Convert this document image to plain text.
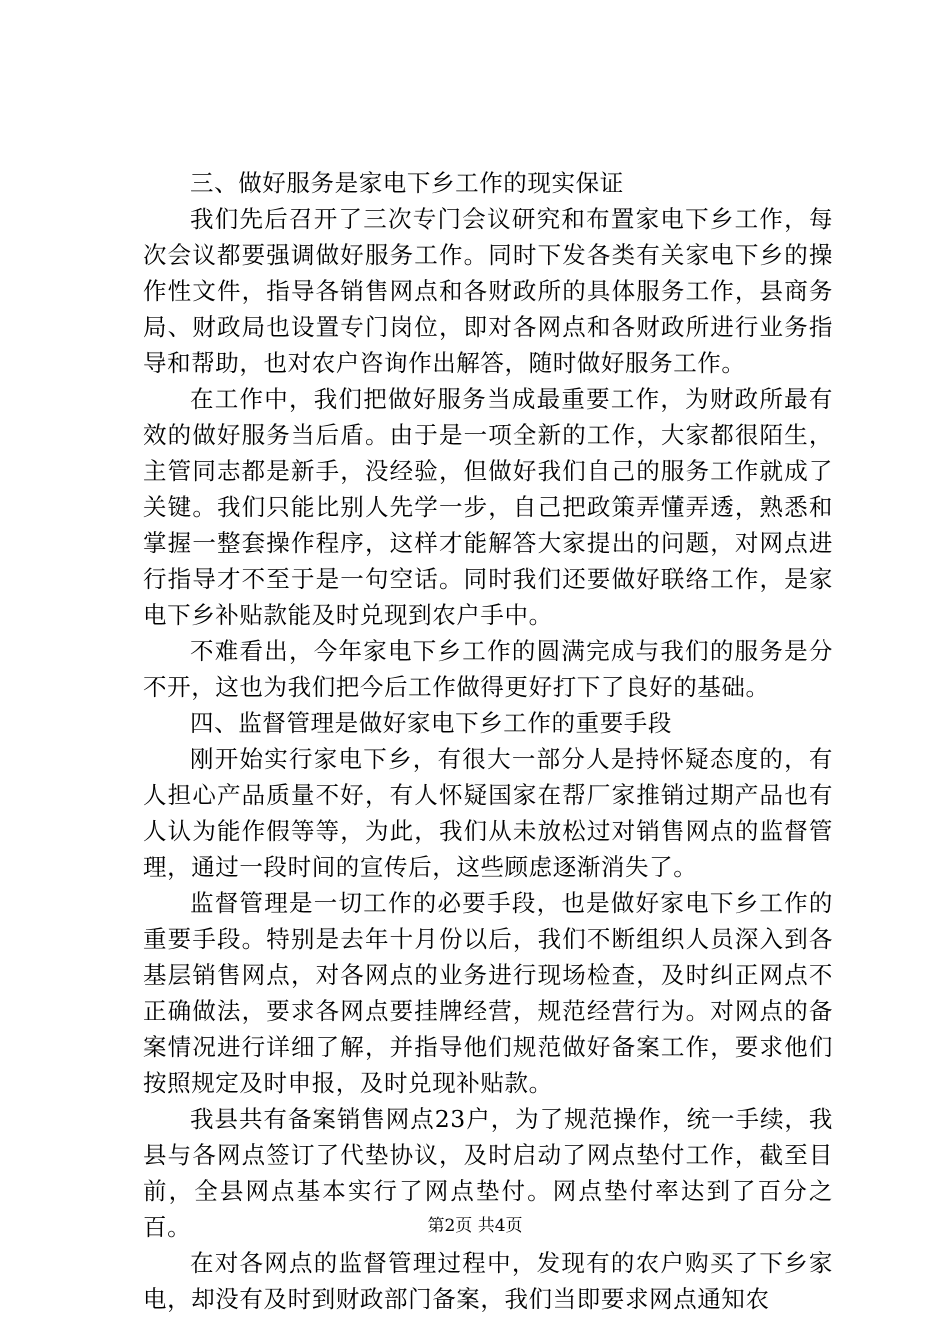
三、做好服务是家电下乡工作的现实保证

我们先后召开了三次专门会议研究和布置家电下乡工作，每次会议都要强调做好服务工作。同时下发各类有关家电下乡的操作性文件，指导各销售网点和各财政所的具体服务工作，县商务局、财政局也设置专门岗位，即对各网点和各财政所进行业务指导和帮助，也对农户咨询作出解答，随时做好服务工作。

在工作中，我们把做好服务当成最重要工作，为财政所最有效的做好服务当后盾。由于是一项全新的工作，大家都很陌生，主管同志都是新手，没经验，但做好我们自己的服务工作就成了关键。我们只能比别人先学一步，自己把政策弄懂弄透，熟悉和掌握一整套操作程序，这样才能解答大家提出的问题，对网点进行指导才不至于是一句空话。同时我们还要做好联络工作，是家电下乡补贴款能及时兑现到农户手中。

不难看出，今年家电下乡工作的圆满完成与我们的服务是分不开，这也为我们把今后工作做得更好打下了良好的基础。

四、监督管理是做好家电下乡工作的重要手段

刚开始实行家电下乡，有很大一部分人是持怀疑态度的，有人担心产品质量不好，有人怀疑国家在帮厂家推销过期产品也有人认为能作假等等，为此，我们从未放松过对销售网点的监督管理，通过一段时间的宣传后，这些顾虑逐渐消失了。

监督管理是一切工作的必要手段，也是做好家电下乡工作的重要手段。特别是去年十月份以后，我们不断组织人员深入到各基层销售网点，对各网点的业务进行现场检查，及时纠正网点不正确做法，要求各网点要挂牌经营，规范经营行为。对网点的备案情况进行详细了解，并指导他们规范做好备案工作，要求他们按照规定及时申报，及时兑现补贴款。

我县共有备案销售网点23户，为了规范操作，统一手续，我县与各网点签订了代垫协议，及时启动了网点垫付工作，截至目前，全县网点基本实行了网点垫付。网点垫付率达到了百分之百。

在对各网点的监督管理过程中，发现有的农户购买了下乡家电，却没有及时到财政部门备案，我们当即要求网点通知农

第2页 共4页
